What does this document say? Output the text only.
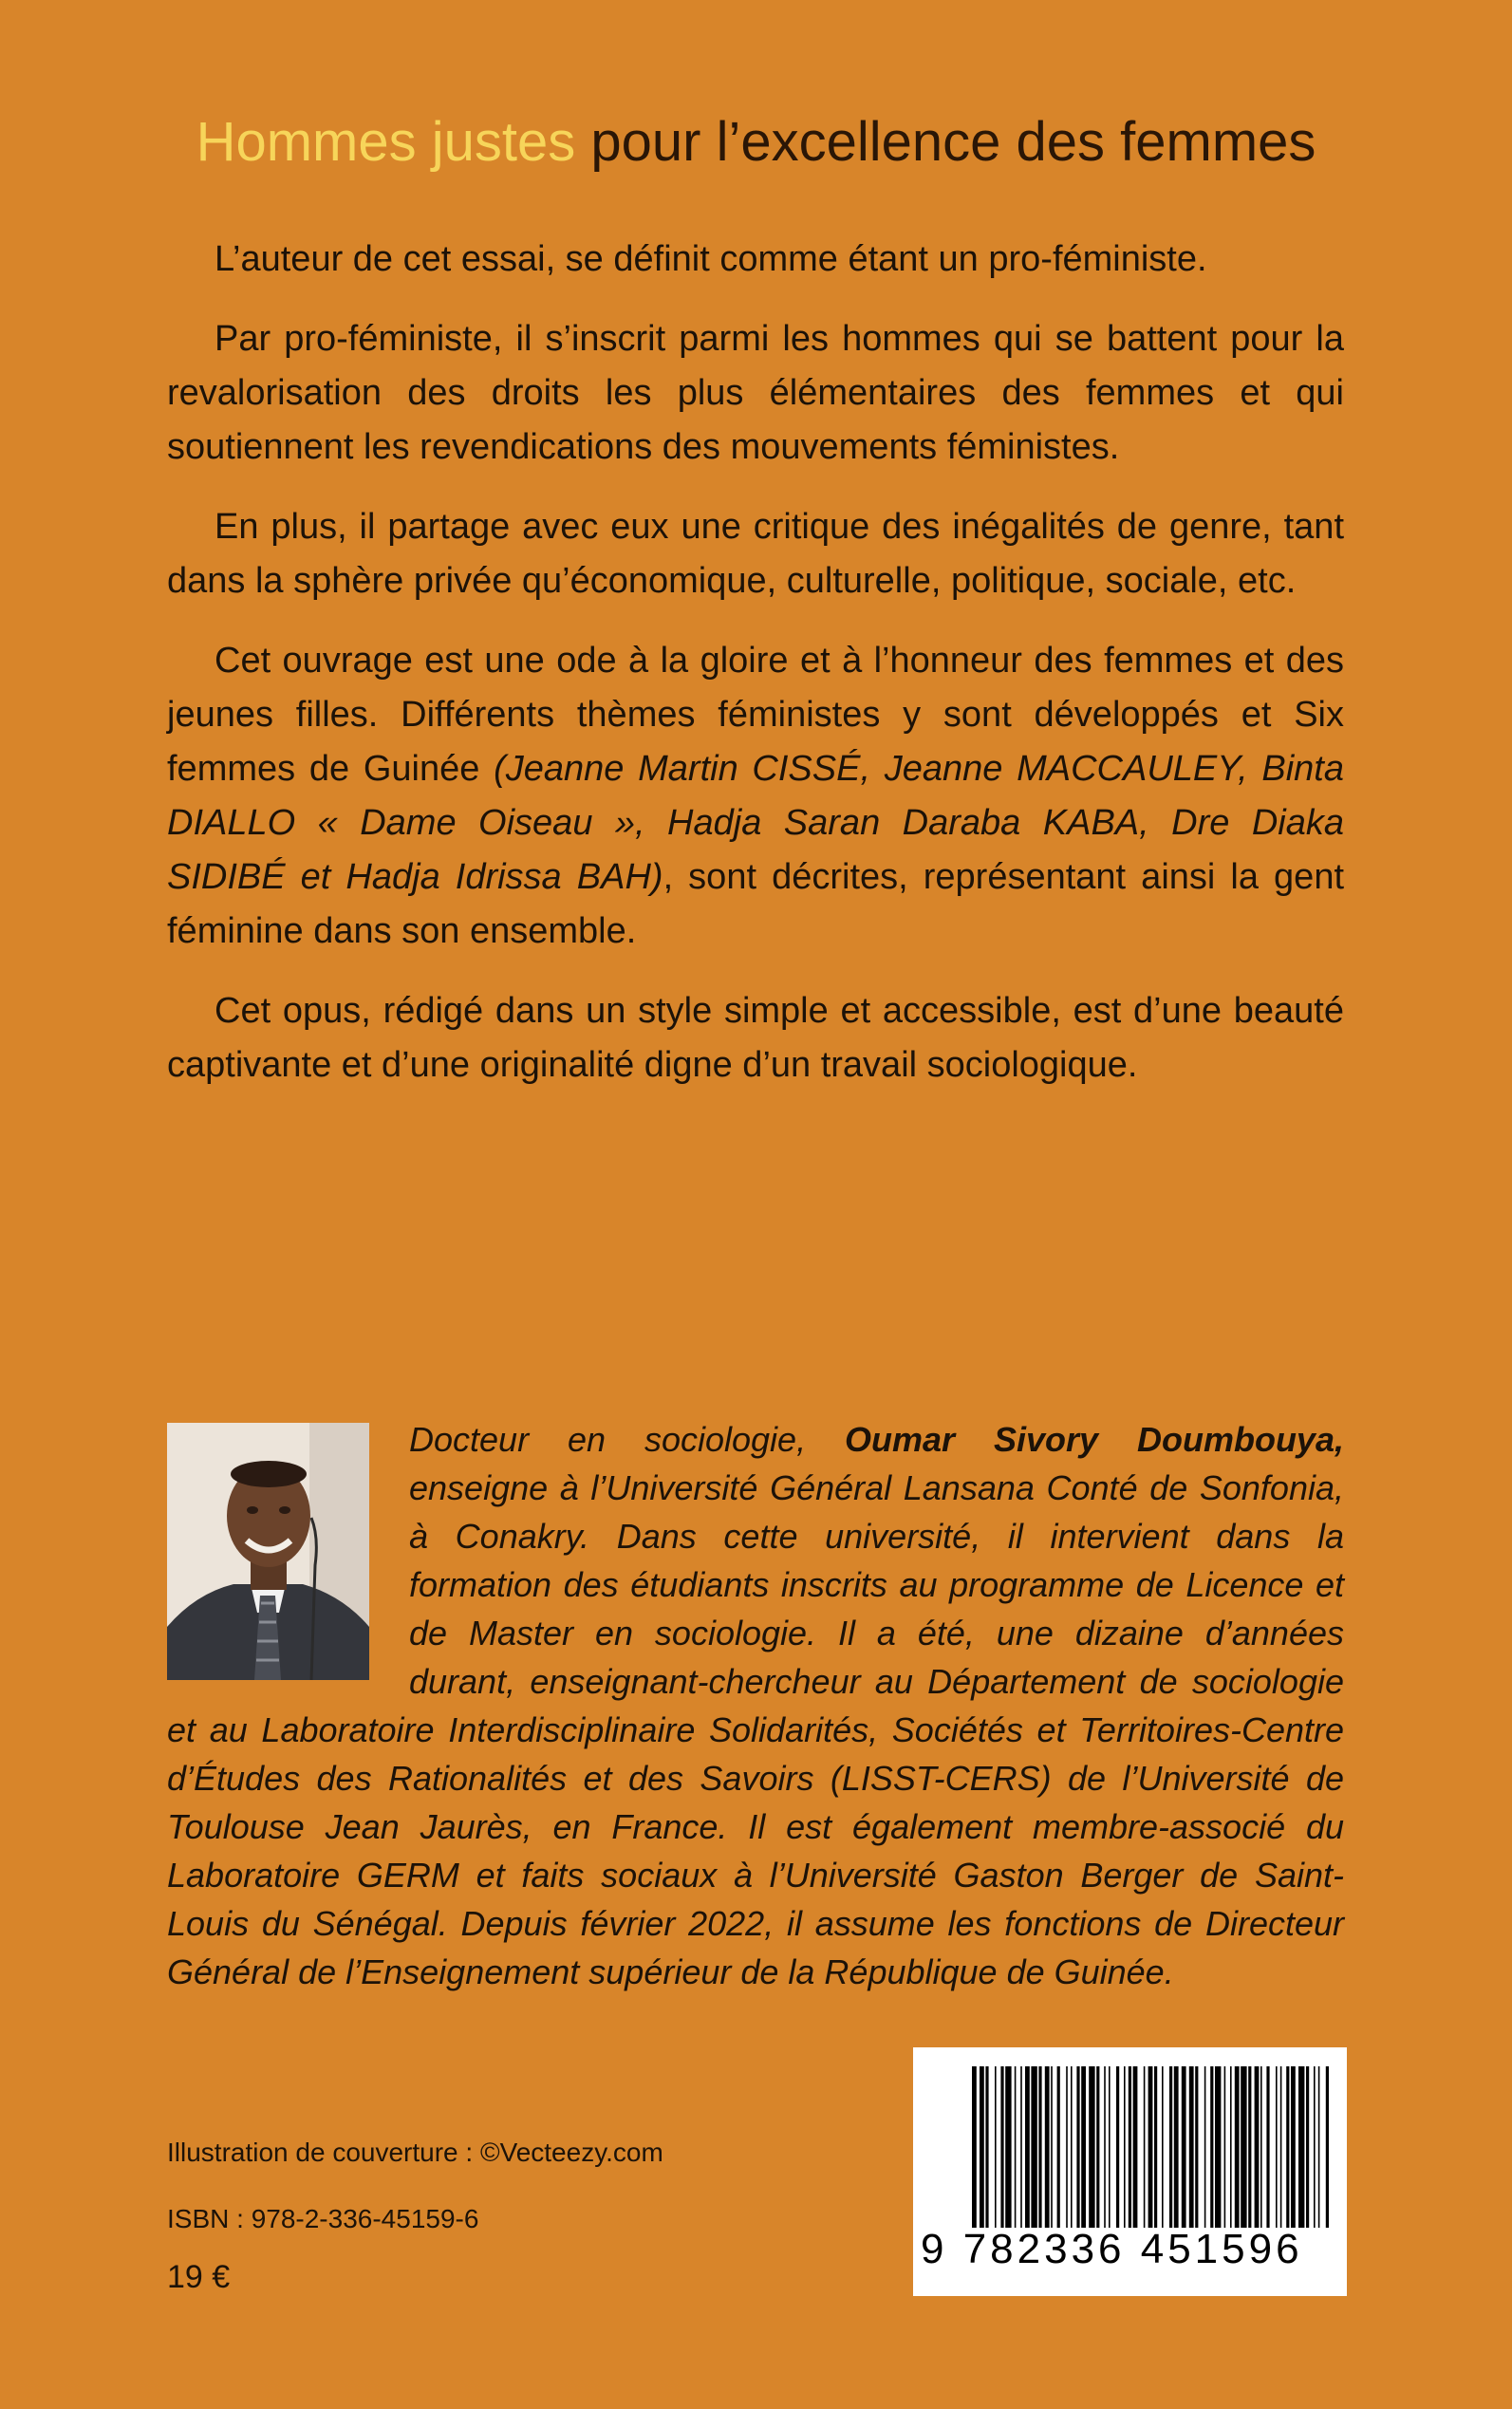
Hommes justes pour l’excellence des femmes

L’auteur de cet essai, se définit comme étant un pro-féministe.

Par pro-féministe, il s’inscrit parmi les hommes qui se battent pour la revalorisation des droits les plus élémentaires des femmes et qui soutiennent les revendications des mouvements féministes.

En plus, il partage avec eux une critique des inégalités de genre, tant dans la sphère privée qu’économique, culturelle, politique, sociale, etc.

Cet ouvrage est une ode à la gloire et à l’honneur des femmes et des jeunes filles. Différents thèmes féministes y sont développés et Six femmes de Guinée (Jeanne Martin CISSÉ, Jeanne MACCAULEY, Binta DIALLO « Dame Oiseau », Hadja Saran Daraba KABA, Dre Diaka SIDIBÉ et Hadja Idrissa BAH), sont décrites, représentant ainsi la gent féminine dans son ensemble.

Cet opus, rédigé dans un style simple et accessible, est d’une beauté captivante et d’une originalité digne d’un travail sociologique.

Docteur en sociologie, Oumar Sivory Doumbouya, enseigne à l’Université Général Lansana Conté de Sonfonia, à Conakry. Dans cette université, il intervient dans la formation des étudiants inscrits au programme de Licence et de Master en sociologie. Il a été, une dizaine d’années durant, enseignant-chercheur au Département de sociologie et au Laboratoire Interdisciplinaire Solidarités, Sociétés et Territoires-Centre d’Études des Rationalités et des Savoirs (LISST-CERS) de l’Université de Toulouse Jean Jaurès, en France. Il est également membre-associé du Laboratoire GERM et faits sociaux à l’Université Gaston Berger de Saint-Louis du Sénégal. Depuis février 2022, il assume les fonctions de Directeur Général de l’Enseignement supérieur de la République de Guinée.
Illustration de couverture : ©Vecteezy.com
ISBN : 978-2-336-45159-6
19 €
9 782336 451596
